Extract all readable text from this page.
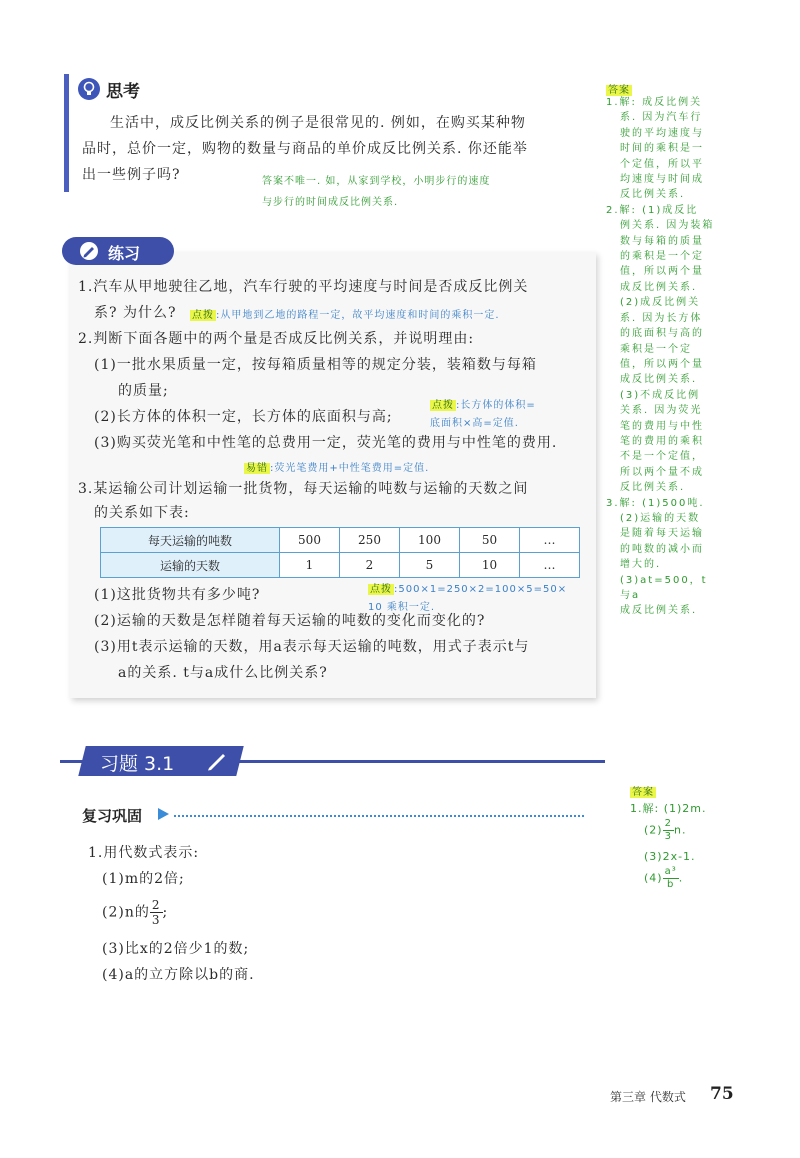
思考
生活中，成反比例关系的例子是很常见的. 例如，在购买某种物
品时，总价一定，购物的数量与商品的单价成反比例关系. 你还能举
出一些例子吗?	答案不唯一. 如，从家到学校，小明步行的速度
与步行的时间成反比例关系.
练习
1.汽车从甲地驶往乙地，汽车行驶的平均速度与时间是否成反比例关
系? 为什么? 点拨 :从甲地到乙地的路程一定，故平均速度和时间的乘积一定.
2.判断下面各题中的两个量是否成反比例关系，并说明理由:
(1)一批水果质量一定，按每箱质量相等的规定分装，装箱数与每箱
的质量;
(2)长方体的体积一定，长方体的底面积与高;
点拨 :长方体的体积=
底面积×高=定值.
(3)购买荧光笔和中性笔的总费用一定，荧光笔的费用与中性笔的费用.
易错 :荧光笔费用+中性笔费用=定值.
3.某运输公司计划运输一批货物，每天运输的吨数与运输的天数之间
的关系如下表:
每天运输的吨数	500	250	100	50	…
运输的天数	1	2	5	10	…
(1)这批货物共有多少吨?	点拨 :500×1=250×2=100×5=50×
10 乘积一定.
(2)运输的天数是怎样随着每天运输的吨数的变化而变化的?
(3)用t表示运输的天数，用a表示每天运输的吨数，用式子表示t与
a的关系. t与a成什么比例关系?
答案
1.解: 成反比例关
系. 因为汽车行
驶的平均速度与
时间的乘积是一
个定值，所以平
均速度与时间成
反比例关系.
2.解: (1)成反比
例关系. 因为装箱
数与每箱的质量
的乘积是一个定
值，所以两个量
成反比例关系.
(2)成反比例关
系. 因为长方体
的底面积与高的
乘积是一个定
值，所以两个量
成反比例关系.
(3)不成反比例
关系. 因为荧光
笔的费用与中性
笔的费用的乘积
不是一个定值，
所以两个量不成
反比例关系.
3.解: (1)500吨.
(2)运输的天数
是随着每天运输
的吨数的减小而
增大的.
(3)at=500，t与a
成反比例关系.
习题 3.1
复习巩固
1.用代数式表示:
(1)m的2倍;
(2)n的 $\frac{2}{3}$ ;
(3)比x的2倍少1的数;
(4)a的立方除以b的商.
答案
1.解: (1)2m.
$(2) \frac{2}{3} n$.
(3)2x-1.
$(4) \frac{\text{a³}}{b}$ .
第三章 代数式 75
